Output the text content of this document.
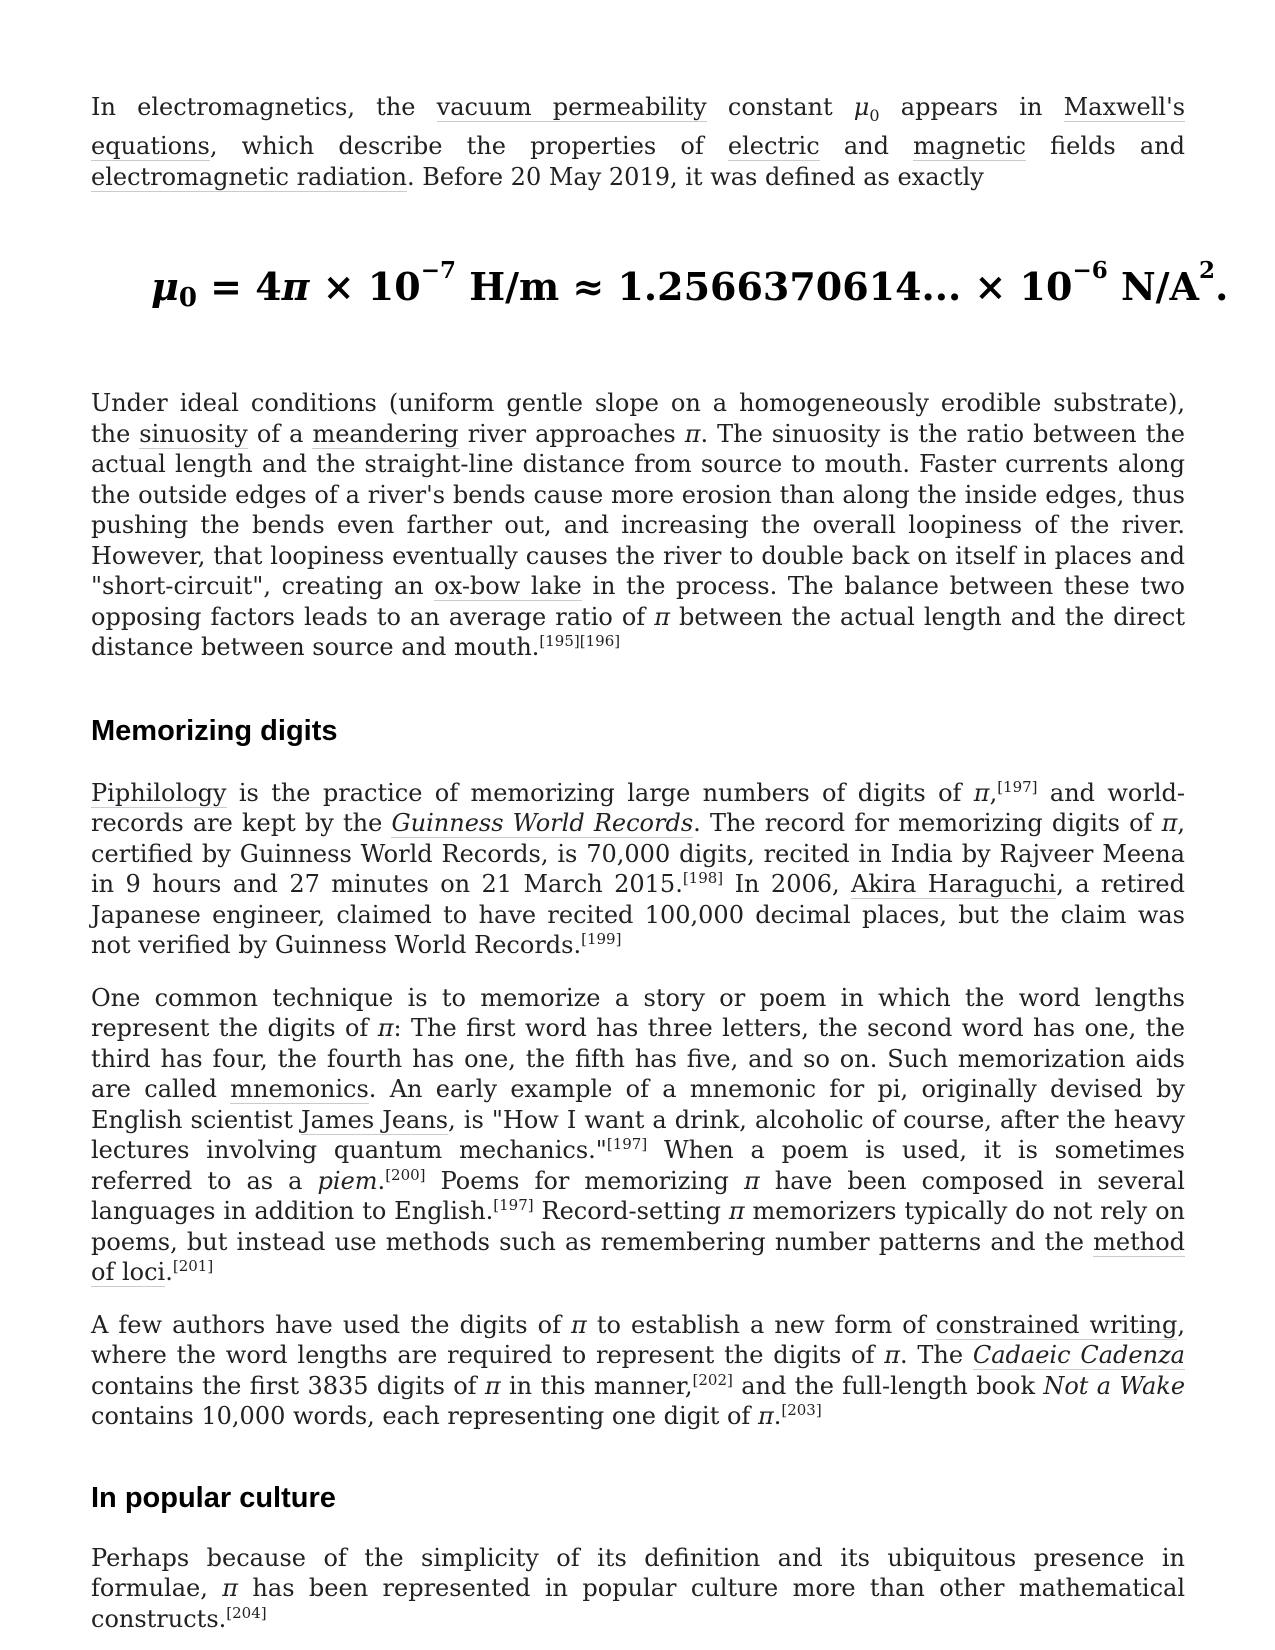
In electromagnetics, the vacuum permeability constant $\mu_0$ appears in Maxwell's equations, which describe the properties of electric and magnetic fields and electromagnetic radiation. Before 20 May 2019, it was defined as exactly

$\mu 0 = 4\pi \times 10^{-7}$ H/m ≈ 1.2566370614... × $10^{-6}$ $N/A^2$.

Under ideal conditions (uniform gentle slope on a homogeneously erodible substrate), the sinuosity of a meandering river approaches π. The sinuosity is the ratio between the actual length and the straight-line distance from source to mouth. Faster currents along the outside edges of a river's bends cause more erosion than along the inside edges, thus pushing the bends even farther out, and increasing the overall loopiness of the river. However, that loopiness eventually causes the river to double back on itself in places and "short-circuit", creating an ox-bow lake in the process. The balance between these two opposing factors leads to an average ratio of π between the actual length and the direct distance between source and mouth.[195][196]

Memorizing digits

Piphilology is the practice of memorizing large numbers of digits of π,[197] and world-records are kept by the Guinness World Records. The record for memorizing digits of π, certified by Guinness World Records, is 70,000 digits, recited in India by Rajveer Meena in 9 hours and 27 minutes on 21 March 2015.[198] In 2006, Akira Haraguchi, a retired Japanese engineer, claimed to have recited 100,000 decimal places, but the claim was not verified by Guinness World Records.[199]

One common technique is to memorize a story or poem in which the word lengths represent the digits of π: The first word has three letters, the second word has one, the third has four, the fourth has one, the fifth has five, and so on. Such memorization aids are called mnemonics. An early example of a mnemonic for pi, originally devised by English scientist James Jeans, is "How I want a drink, alcoholic of course, after the heavy lectures involving quantum mechanics."[197] When a poem is used, it is sometimes referred to as a piem.[200] Poems for memorizing π have been composed in several languages in addition to English.[197] Record-setting π memorizers typically do not rely on poems, but instead use methods such as remembering number patterns and the method of loci.[201]

A few authors have used the digits of π to establish a new form of constrained writing, where the word lengths are required to represent the digits of π. The Cadaeic Cadenza contains the first 3835 digits of π in this manner,[202] and the full-length book Not a Wake contains 10,000 words, each representing one digit of π.[203]

In popular culture

Perhaps because of the simplicity of its definition and its ubiquitous presence in formulae, π has been represented in popular culture more than other mathematical constructs.[204]
